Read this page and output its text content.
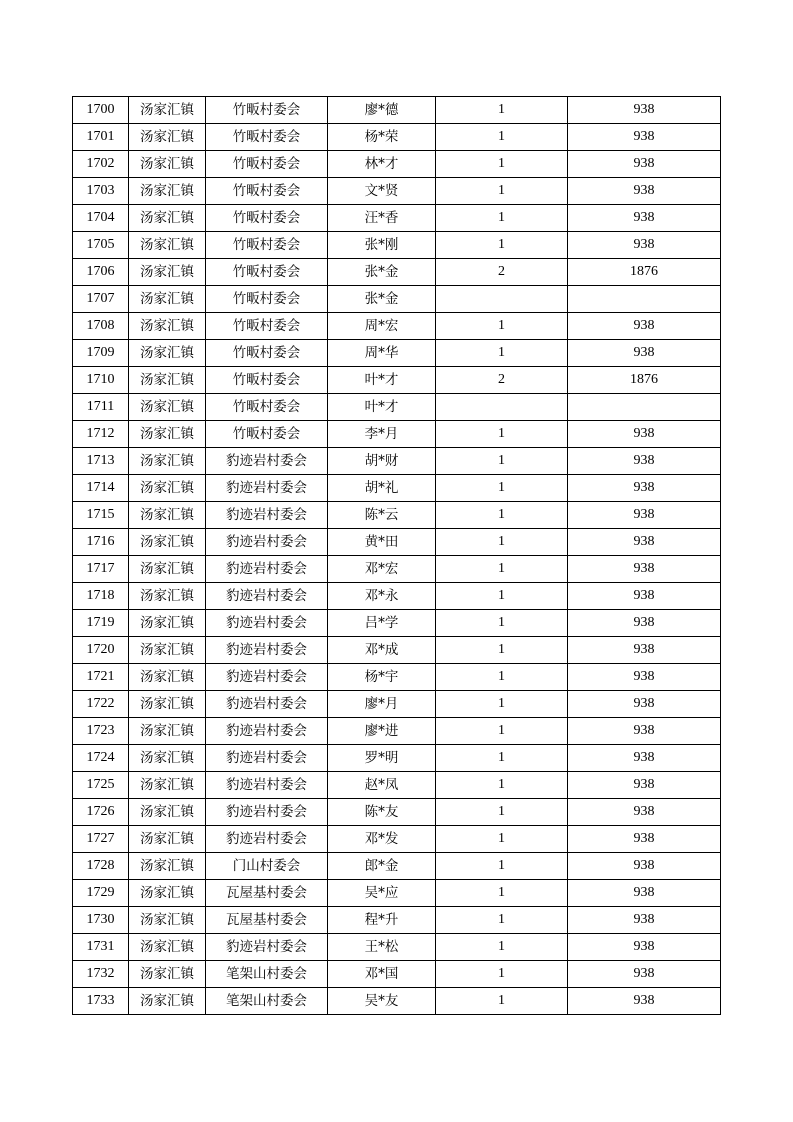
1700	汤家汇镇	竹畈村委会	廖*德	1	938
1701	汤家汇镇	竹畈村委会	杨*荣	1	938
1702	汤家汇镇	竹畈村委会	林*才	1	938
1703	汤家汇镇	竹畈村委会	文*贤	1	938
1704	汤家汇镇	竹畈村委会	汪*香	1	938
1705	汤家汇镇	竹畈村委会	张*刚	1	938
1706	汤家汇镇	竹畈村委会	张*金	2	1876
1707	汤家汇镇	竹畈村委会	张*金		
1708	汤家汇镇	竹畈村委会	周*宏	1	938
1709	汤家汇镇	竹畈村委会	周*华	1	938
1710	汤家汇镇	竹畈村委会	叶*才	2	1876
1711	汤家汇镇	竹畈村委会	叶*才		
1712	汤家汇镇	竹畈村委会	李*月	1	938
1713	汤家汇镇	豹迹岩村委会	胡*财	1	938
1714	汤家汇镇	豹迹岩村委会	胡*礼	1	938
1715	汤家汇镇	豹迹岩村委会	陈*云	1	938
1716	汤家汇镇	豹迹岩村委会	黄*田	1	938
1717	汤家汇镇	豹迹岩村委会	邓*宏	1	938
1718	汤家汇镇	豹迹岩村委会	邓*永	1	938
1719	汤家汇镇	豹迹岩村委会	吕*学	1	938
1720	汤家汇镇	豹迹岩村委会	邓*成	1	938
1721	汤家汇镇	豹迹岩村委会	杨*宇	1	938
1722	汤家汇镇	豹迹岩村委会	廖*月	1	938
1723	汤家汇镇	豹迹岩村委会	廖*进	1	938
1724	汤家汇镇	豹迹岩村委会	罗*明	1	938
1725	汤家汇镇	豹迹岩村委会	赵*凤	1	938
1726	汤家汇镇	豹迹岩村委会	陈*友	1	938
1727	汤家汇镇	豹迹岩村委会	邓*发	1	938
1728	汤家汇镇	门山村委会	郎*金	1	938
1729	汤家汇镇	瓦屋基村委会	吴*应	1	938
1730	汤家汇镇	瓦屋基村委会	程*升	1	938
1731	汤家汇镇	豹迹岩村委会	王*松	1	938
1732	汤家汇镇	笔架山村委会	邓*国	1	938
1733	汤家汇镇	笔架山村委会	吴*友	1	938
